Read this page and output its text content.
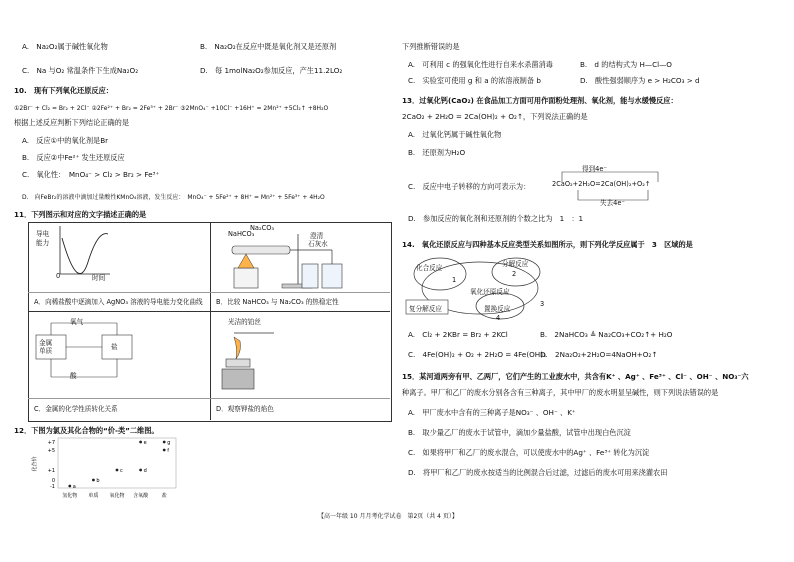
A.　Na₂O₂属于碱性氧化物	B.　Na₂O₂在反应中既是氧化剂又是还原剂
C.　Na 与O₂ 常温条件下生成Na₂O₂	D.　每 1molNa₂O₂参加反应，产生11.2LO₂
10.　现有下列氧化还原反应：
①2Br⁻ + Cl₂ = Br₂ + 2Cl⁻ ②2Fe²⁺ + Br₂ = 2Fe³⁺ + 2Br⁻ ③2MnO₄⁻ +10Cl⁻ +16H⁺ = 2Mn²⁺ +5Cl₂↑ +8H₂O
根据上述反应判断下列结论正确的是
A.　反应①中的氧化剂是Br
B.　反应②中Fe²⁺ 发生还原反应
C.　氧化性：　MnO₄⁻ > Cl₂ > Br₂ > Fe³⁺
D.　向FeBr₂的溶液中滴加过量酸性KMnO₄溶液，发生反应：　MnO₄⁻ + 5Fe²⁺ + 8H⁺ = Mn²⁺ + 5Fe³⁺ + 4H₂O
11．下列图示和对应的文字描述正确的是
导电
能力
0	时间
A．向稀盐酸中逐滴加入 AgNO₃ 溶液的导电能力变化曲线
NaHCO₃
Na₂CO₃
澄清
石灰水
B．比较 NaHCO₃ 与 Na₂CO₃ 的热稳定性
氧气
金属
单质	盐
酸
C．金属的化学性质转化关系
光洁的铂丝
D．观察钾盐的焰色
12．下图为氯及其化合物的“价-类”二维图。
+7
+5
+1
0
-1
氢化物 单质 氧化物 含氧酸	盐
化合价
a
b
c	d
e
f
g
下列推断错误的是
A.　可利用 c 的强氧化性进行自来水杀菌消毒	B.　d 的结构式为 H—Cl—O
C.　实验室可使用 g 和 a 的浓溶液制备 b	D.　酸性强弱顺序为 e > H₂CO₃ > d
13．过氧化钙(CaO₂) 在食品加工方面可用作面粉处理剂、氧化剂，能与水缓慢反应：
2CaO₂ + 2H₂O = 2Ca(OH)₂ + O₂↑，下列说法正确的是
A.　过氧化钙属于碱性氧化物
B.　还原剂为H₂O
C.　反应中电子转移的方向可表示为：
得到4e⁻
2CaO₂+2H₂O=2Ca(OH)₂+O₂↑
失去4e⁻
D.　参加反应的氧化剂和还原剂的个数之比为　1　：1
14.　氧化还原反应与四种基本反应类型关系如图所示，则下列化学反应属于　3　区域的是
化合反应	分解反应
氧化还原反应
复分解反应	置换反应
1
2
3
4
A.　Cl₂ + 2KBr = Br₂ + 2KCl	B.　2NaHCO₃ ≜ Na₂CO₃+CO₂↑+ H₂O
C.　4Fe(OH)₂ + O₂ + 2H₂O = 4Fe(OH)₃
D.　2Na₂O₂+2H₂O=4NaOH+O₂↑
15．某河道两旁有甲、乙两厂，它们产生的工业废水中，共含有K⁺ 、Ag⁺ 、Fe³⁺ 、Cl⁻ 、OH⁻ 、NO₃⁻六
种离子。甲厂和乙厂的废水分别各含有三种离子，其中甲厂的废水明显呈碱性，则下列说法错误的是
A.　甲厂废水中含有的三种离子是NO₃⁻ 、OH⁻ 、K⁺
B.　取少量乙厂的废水于试管中，滴加少量盐酸，试管中出现白色沉淀
C.　如果将甲厂和乙厂的废水混合，可以使废水中的Ag⁺ 、Fe³⁺ 转化为沉淀
D.　将甲厂和乙厂的废水按适当的比例混合后过滤，过滤后的废水可用来浇灌农田
【高一年级 10 月月考化学试卷　第2页（共 4 页）】
